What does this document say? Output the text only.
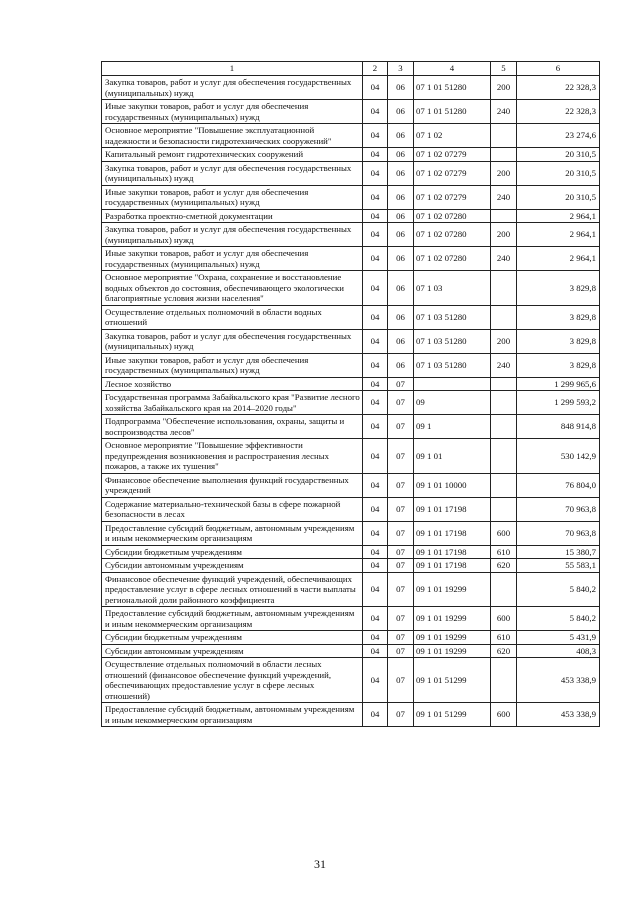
1	2	3	4	5	6
Закупка товаров, работ и услуг для обеспечения государственных (муниципальных) нужд	04	06	07 1 01 51280	200	22 328,3
Иные закупки товаров, работ и услуг для обеспечения государственных (муниципальных) нужд	04	06	07 1 01 51280	240	22 328,3
Основное мероприятие "Повышение эксплуатационной надежности и безопасности гидротехнических сооружений"	04	06	07 1 02		23 274,6
Капитальный ремонт гидротехнических сооружений	04	06	07 1 02 07279		20 310,5
Закупка товаров, работ и услуг для обеспечения государственных (муниципальных) нужд	04	06	07 1 02 07279	200	20 310,5
Иные закупки товаров, работ и услуг для обеспечения государственных (муниципальных) нужд	04	06	07 1 02 07279	240	20 310,5
Разработка проектно-сметной документации	04	06	07 1 02 07280		2 964,1
Закупка товаров, работ и услуг для обеспечения государственных (муниципальных) нужд	04	06	07 1 02 07280	200	2 964,1
Иные закупки товаров, работ и услуг для обеспечения государственных (муниципальных) нужд	04	06	07 1 02 07280	240	2 964,1
Основное мероприятие "Охрана, сохранение и восстановление водных объектов до состояния, обеспечивающего экологически благоприятные условия жизни населения"	04	06	07 1 03		3 829,8
Осуществление отдельных полномочий в области водных отношений	04	06	07 1 03 51280		3 829,8
Закупка товаров, работ и услуг для обеспечения государственных (муниципальных) нужд	04	06	07 1 03 51280	200	3 829,8
Иные закупки товаров, работ и услуг для обеспечения государственных (муниципальных) нужд	04	06	07 1 03 51280	240	3 829,8
Лесное хозяйство	04	07			1 299 965,6
Государственная программа Забайкальского края "Развитие лесного хозяйства Забайкальского края на 2014–2020 годы"	04	07	09		1 299 593,2
Подпрограмма "Обеспечение использования, охраны, защиты и воспроизводства лесов"	04	07	09 1		848 914,8
Основное мероприятие "Повышение эффективности предупреждения возникновения и распространения лесных пожаров, а также их тушения"	04	07	09 1 01		530 142,9
Финансовое обеспечение выполнения функций государственных учреждений	04	07	09 1 01 10000		76 804,0
Содержание материально-технической базы в сфере пожарной безопасности в лесах	04	07	09 1 01 17198		70 963,8
Предоставление субсидий бюджетным, автономным учреждениям и иным некоммерческим организациям	04	07	09 1 01 17198	600	70 963,8
Субсидии бюджетным учреждениям	04	07	09 1 01 17198	610	15 380,7
Субсидии автономным учреждениям	04	07	09 1 01 17198	620	55 583,1
Финансовое обеспечение функций учреждений, обеспечивающих предоставление услуг в сфере лесных отношений в части выплаты региональной доли районного коэффициента	04	07	09 1 01 19299		5 840,2
Предоставление субсидий бюджетным, автономным учреждениям и иным некоммерческим организациям	04	07	09 1 01 19299	600	5 840,2
Субсидии бюджетным учреждениям	04	07	09 1 01 19299	610	5 431,9
Субсидии автономным учреждениям	04	07	09 1 01 19299	620	408,3
Осуществление отдельных полномочий в области лесных отношений (финансовое обеспечение функций учреждений, обеспечивающих предоставление услуг в сфере лесных отношений)	04	07	09 1 01 51299		453 338,9
Предоставление субсидий бюджетным, автономным учреждениям и иным некоммерческим организациям	04	07	09 1 01 51299	600	453 338,9
31
